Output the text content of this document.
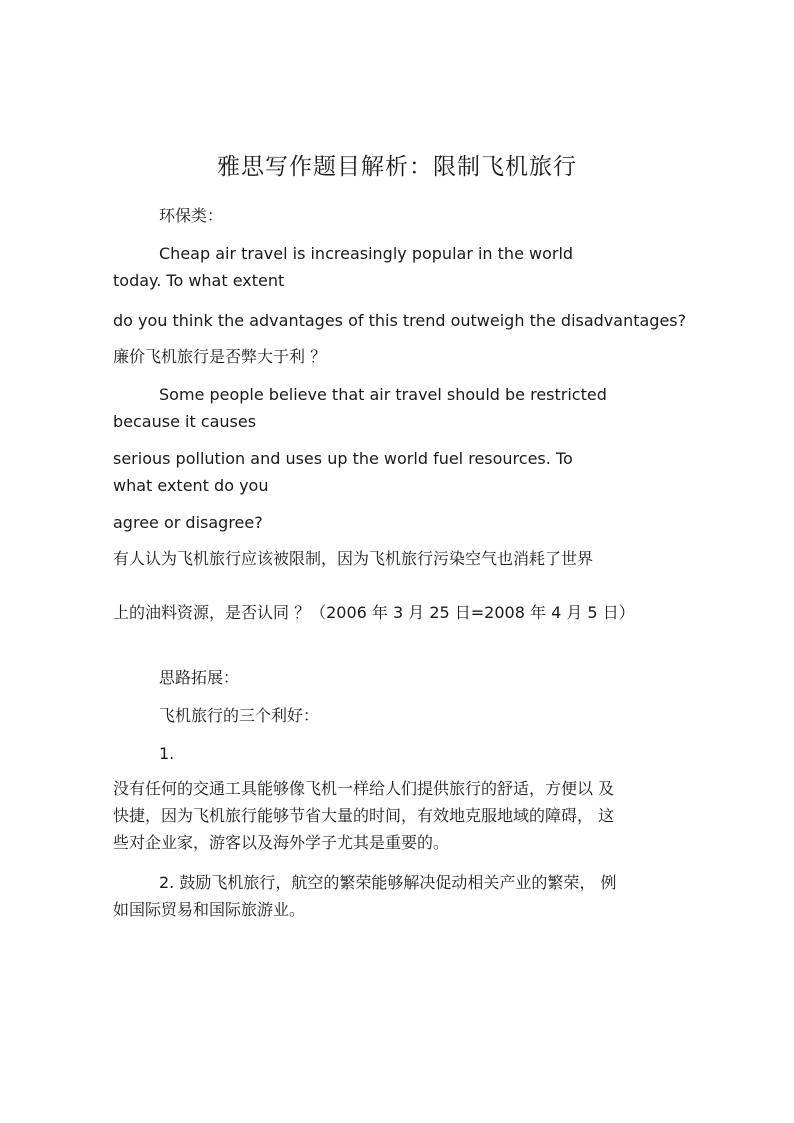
雅思写作题目解析：限制飞机旅行

环保类：

Cheap air travel is increasingly popular in the world

today. To what extent

do you think the advantages of this trend outweigh the disadvantages?

廉价飞机旅行是否弊大于利 ？

Some people believe that air travel should be restricted

because it causes

serious pollution and uses up the world fuel resources. To

what extent do you

agree or disagree?

有人认为飞机旅行应该被限制，因为飞机旅行污染空气也消耗了世界

上的油料资源，是否认同 ？（2006 年 3 月 25 日=2008 年 4 月 5 日）

思路拓展：

飞机旅行的三个利好：

1.

没有任何的交通工具能够像飞机一样给人们提供旅行的舒适，方便以 及快捷，因为飞机旅行能够节省大量的时间，有效地克服地域的障碍， 这些对企业家，游客以及海外学子尤其是重要的。

2. 鼓励飞机旅行，航空的繁荣能够解决促动相关产业的繁荣， 例如国际贸易和国际旅游业。
